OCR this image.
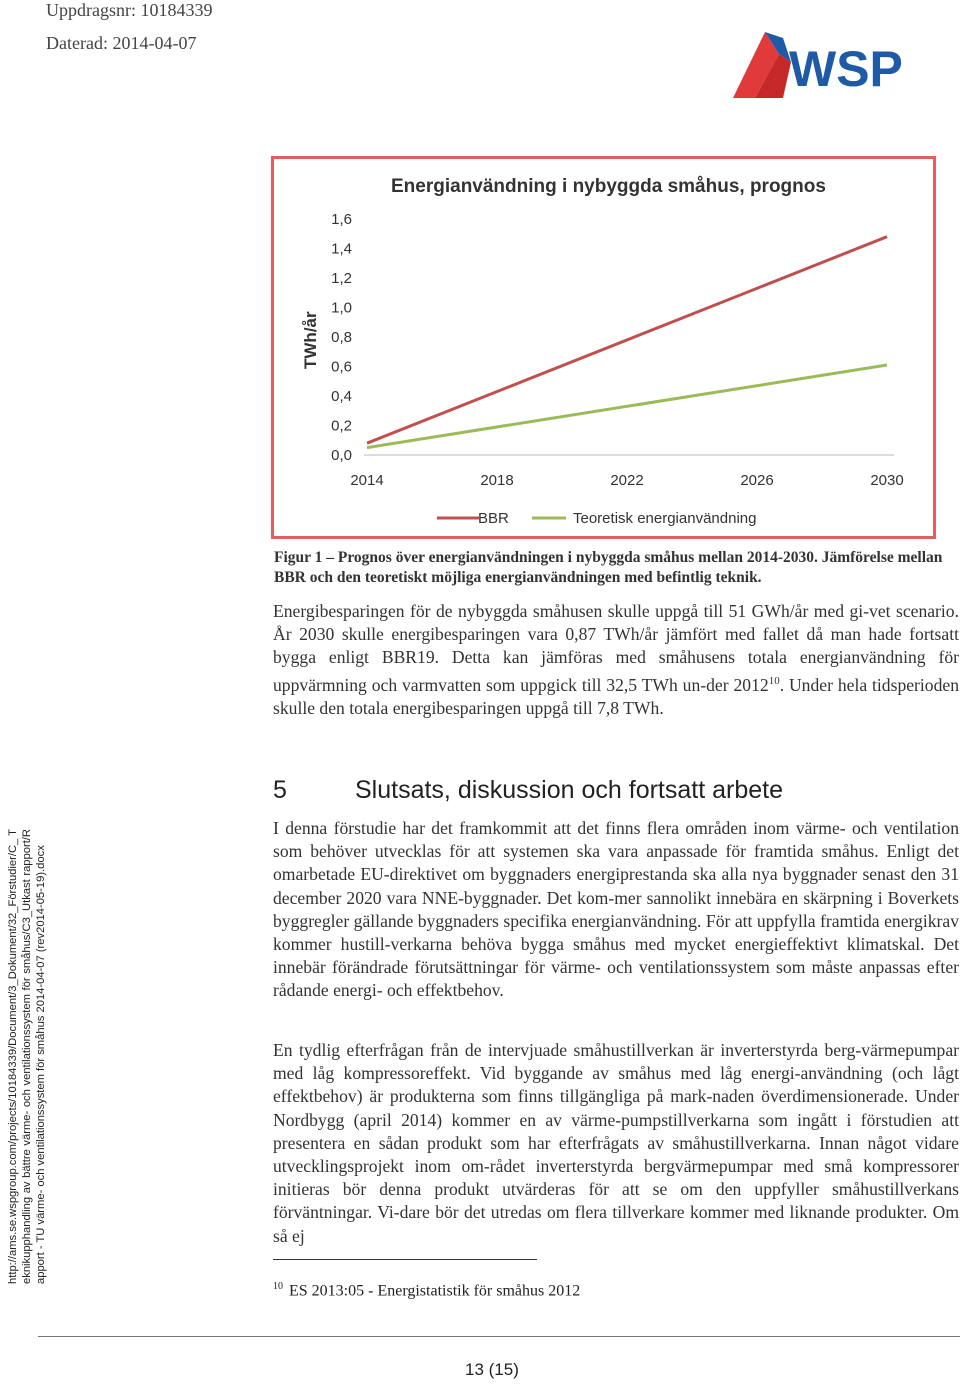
Uppdragsnr: 10184339
Daterad: 2014-04-07	WSP
Energianvändning i nybyggda småhus, prognos
TWh/år
0,0
0,2
0,4
0,6
0,8
1,0
1,2
1,4
1,6
2014	2018	2022	2026	2030
BBR	Teoretisk energianvändning
Figur 1 – Prognos över energianvändningen i nybyggda småhus mellan 2014-2030. Jämförelse mellan BBR och den teoretiskt möjliga energianvändningen med befintlig teknik.
Energibesparingen för de nybyggda småhusen skulle uppgå till 51 GWh/år med gi-vet scenario. År 2030 skulle energibesparingen vara 0,87 TWh/år jämfört med fallet då man hade fortsatt bygga enligt BBR19. Detta kan jämföras med småhusens totala energianvändning för uppvärmning och varmvatten som uppgick till 32,5 TWh un-der 2012$^{10}$. Under hela tidsperioden skulle den totala energibesparingen uppgå till 7,8 TWh.
5	Slutsats, diskussion och fortsatt arbete
I denna förstudie har det framkommit att det finns flera områden inom värme- och ventilation som behöver utvecklas för att systemen ska vara anpassade för framtida småhus. Enligt det omarbetade EU-direktivet om byggnaders energiprestanda ska alla nya byggnader senast den 31 december 2020 vara NNE-byggnader. Det kom-mer sannolikt innebära en skärpning i Boverkets byggregler gällande byggnaders specifika energianvändning. För att uppfylla framtida energikrav kommer hustill-verkarna behöva bygga småhus med mycket energieffektivt klimatskal. Det innebär förändrade förutsättningar för värme- och ventilationssystem som måste anpassas efter rådande energi- och effektbehov.
En tydlig efterfrågan från de intervjuade småhustillverkan är inverterstyrda berg-värmepumpar med låg kompressoreffekt. Vid byggande av småhus med låg energi-användning (och lågt effektbehov) är produkterna som finns tillgängliga på mark-naden överdimensionerade. Under Nordbygg (april 2014) kommer en av värme-pumpstillverkarna som ingått i förstudien att presentera en sådan produkt som har efterfrågats av småhustillverkarna. Innan något vidare utvecklingsprojekt inom om-rådet inverterstyrda bergvärmepumpar med små kompressorer initieras bör denna produkt utvärderas för att se om den uppfyller småhustillverkans förväntningar. Vi-dare bör det utredas om flera tillverkare kommer med liknande produkter. Om så ej
http://ams.se.wspgroup.com/projects/10184339/Document/3_Dokument/32_Förstudier/C_ Teknikupphandling av bättre värme- och ventilationssystem för småhus/C3_Utkast rapport/Rapport - TU värme- och ventilationssystem för småhus 2014-04-07 (rev2014-05-19).docx
$^{10}$ ES 2013:05 - Energistatistik för småhus 2012
13 (15)
